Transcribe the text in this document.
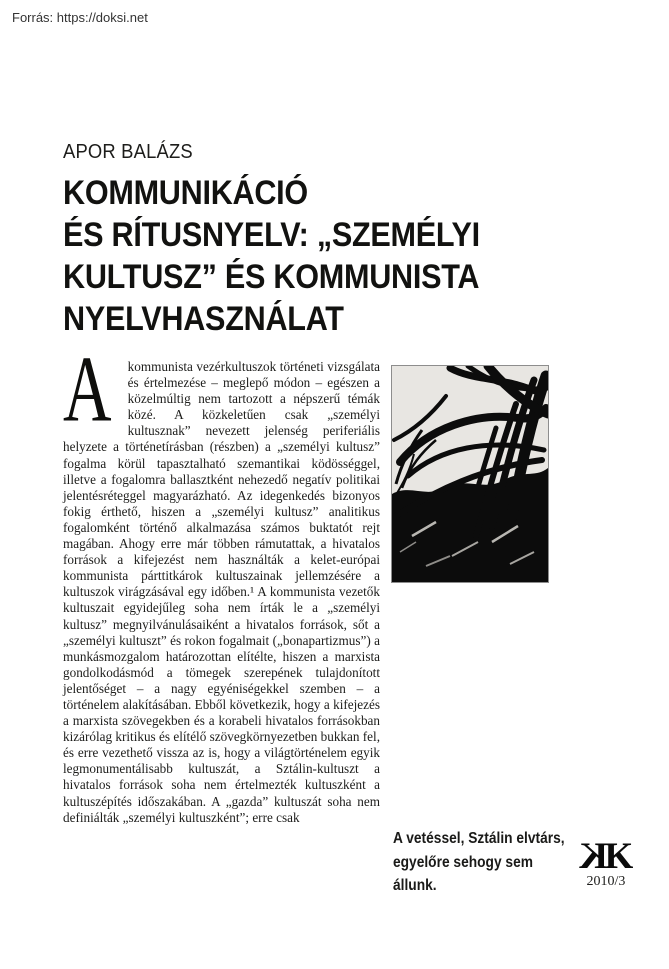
Forrás: https://doksi.net
APOR BALÁZS
KOMMUNIKÁCIÓ
ÉS RÍTUSNYELV: „SZEMÉLYI
KULTUSZ” ÉS KOMMUNISTA
NYELVHASZNÁLAT

A kommunista vezérkultuszok történeti vizsgálata és értelmezése – meglepő módon – egészen a közelmúltig nem tartozott a népszerű témák közé. A közkeletűen csak „személyi kultusznak” nevezett jelenség periferiális helyzete a történetírásban (részben) a „személyi kultusz” fogalma körül tapasztalható szemantikai ködösséggel, illetve a fogalomra ballasztként nehezedő negatív politikai jelentésréteggel magyarázható. Az idegenkedés bizonyos fokig érthető, hiszen a „személyi kultusz” analitikus fogalomként történő alkalmazása számos buktatót rejt magában. Ahogy erre már többen rámutattak, a hivatalos források a kifejezést nem használták a kelet-európai kommunista párttitkárok kultuszainak jellemzésére a kultuszok virágzásával egy időben.¹ A kommunista vezetők kultuszait egyidejűleg soha nem írták le a „személyi kultusz” megnyilvánulásaiként a hivatalos források, sőt a „személyi kultuszt” és rokon fogalmait („bonapartizmus”) a munkásmozgalom határozottan elítélte, hiszen a marxista gondolkodásmód a tömegek szerepének tulajdonított jelentőséget – a nagy egyéniségekkel szemben – a történelem alakításában. Ebből következik, hogy a kifejezés a marxista szövegekben és a korabeli hivatalos forrásokban kizárólag kritikus és elítélő szövegkörnyezetben bukkan fel, és erre vezethető vissza az is, hogy a világtörténelem egyik legmonumentálisabb kultuszát, a Sztálin-kultuszt a hivatalos források soha nem értelmezték kultuszként a kultuszépítés időszakában. A „gazda” kultuszát soha nem definiálták „személyi kultuszként”; erre csak

A vetéssel, Sztálin elvtárs, egyelőre sehogy sem állunk.
KK
2010/3
